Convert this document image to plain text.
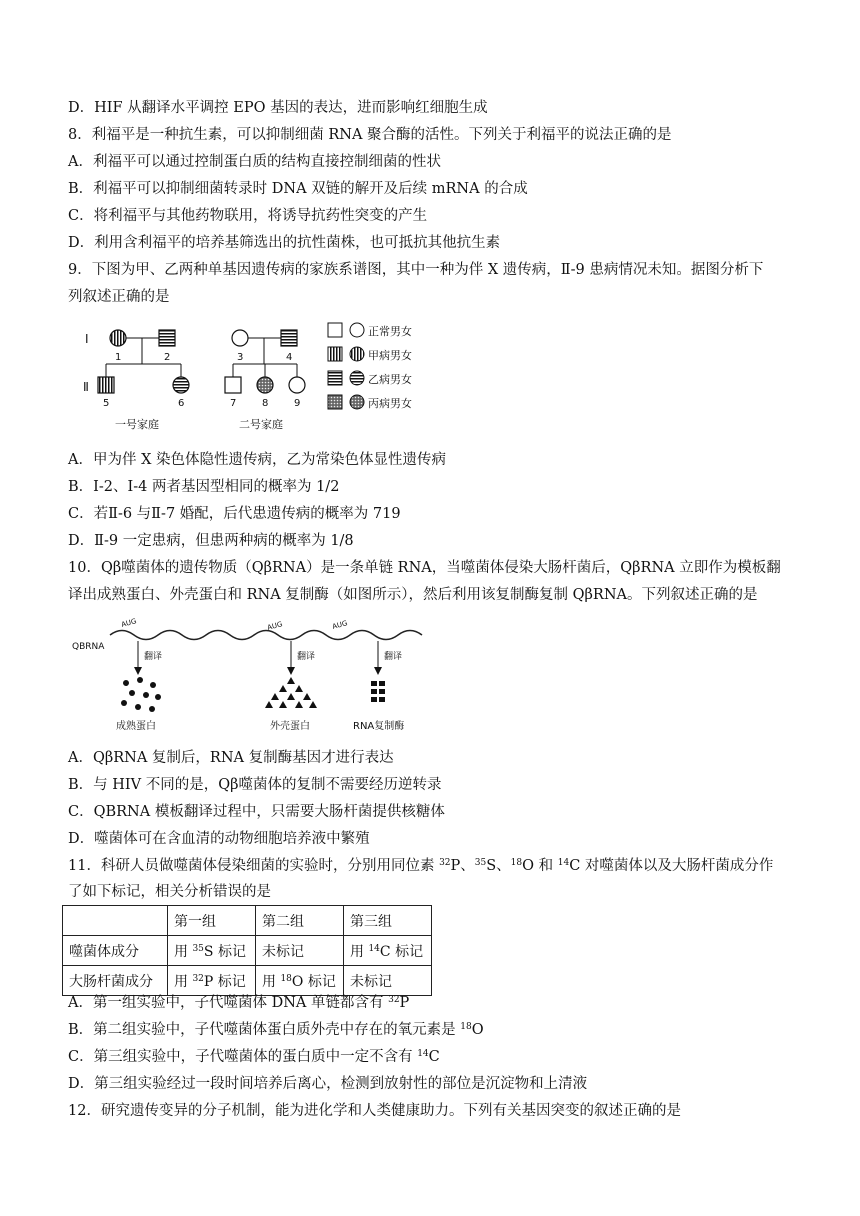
D．HIF 从翻译水平调控 EPO 基因的表达，进而影响红细胞生成
8．利福平是一种抗生素，可以抑制细菌 RNA 聚合酶的活性。下列关于利福平的说法正确的是
A．利福平可以通过控制蛋白质的结构直接控制细菌的性状
B．利福平可以抑制细菌转录时 DNA 双链的解开及后续 mRNA 的合成
C．将利福平与其他药物联用，将诱导抗药性突变的产生
D．利用含利福平的培养基筛选出的抗性菌株，也可抵抗其他抗生素
9．下图为甲、乙两种单基因遗传病的家族系谱图，其中一种为伴 X 遗传病，Ⅱ-9 患病情况未知。据图分析下
列叙述正确的是
I
Ⅱ
1	2
5	6
一号家庭
3	4
7	8	9
二号家庭
正常男女
甲病男女
乙病男女
丙病男女
A．甲为伴 X 染色体隐性遗传病，乙为常染色体显性遗传病
B．I-2、I-4 两者基因型相同的概率为 1/2
C．若Ⅱ-6 与Ⅱ-7 婚配，后代患遗传病的概率为 719
D．Ⅱ-9 一定患病，但患两种病的概率为 1/8
10．Qβ噬菌体的遗传物质（QβRNA）是一条单链 RNA，当噬菌体侵染大肠杆菌后，QβRNA 立即作为模板翻
译出成熟蛋白、外壳蛋白和 RNA 复制酶（如图所示），然后利用该复制酶复制 QβRNA。下列叙述正确的是
QBRNA
AUG	AUG	AUG
翻译	翻译	翻译
成熟蛋白	外壳蛋白	RNA复制酶
A．QβRNA 复制后，RNA 复制酶基因才进行表达
B．与 HIV 不同的是，Qβ噬菌体的复制不需要经历逆转录
C．QBRNA 模板翻译过程中，只需要大肠杆菌提供核糖体
D．噬菌体可在含血清的动物细胞培养液中繁殖
11．科研人员做噬菌体侵染细菌的实验时，分别用同位素 $^{32}$P、$^{35}$S、$^{18}$O 和 $^{14}$C 对噬菌体以及大肠杆菌成分作
了如下标记，相关分析错误的是
	第一组	第二组	第三组
噬菌体成分	用 $^{35}$S 标记	未标记	用 $^{14}$C 标记
大肠杆菌成分	用 $^{32}$P 标记	用 $^{18}$O 标记	未标记
A．第一组实验中，子代噬菌体 DNA 单链都含有 $^{32}$P
B．第二组实验中，子代噬菌体蛋白质外壳中存在的氧元素是 $^{18}$O
C．第三组实验中，子代噬菌体的蛋白质中一定不含有 $^{14}$C
D．第三组实验经过一段时间培养后离心，检测到放射性的部位是沉淀物和上清液
12．研究遗传变异的分子机制，能为进化学和人类健康助力。下列有关基因突变的叙述正确的是
